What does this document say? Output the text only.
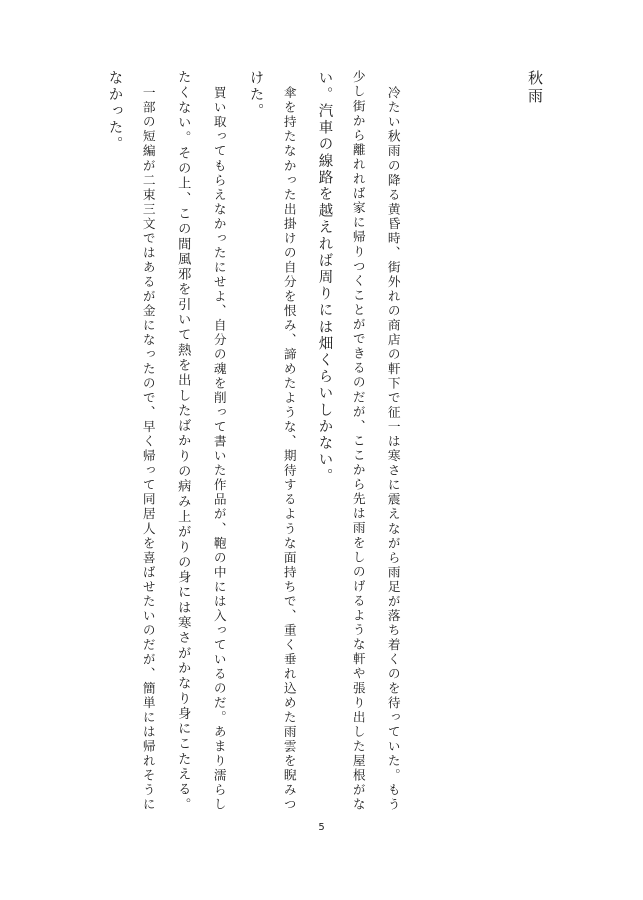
秋雨
冷たい秋雨の降る黄昏時、街外れの商店の軒下で征一は寒さに震えながら雨足が落ち着くのを待っていた。もう
少し街から離れれば家に帰りつくことができるのだが、ここから先は雨をしのげるような軒や張り出した屋根がな
い。汽車の線路を越えれば周りには畑くらいしかない。
傘を持たなかった出掛けの自分を恨み、諦めたような、期待するような面持ちで、重く垂れ込めた雨雲を睨みつ
けた。
買い取ってもらえなかったにせよ、自分の魂を削って書いた作品が、鞄の中には入っているのだ。あまり濡らし
たくない。その上、この間風邪を引いて熱を出したばかりの病み上がりの身には寒さがかなり身にこたえる。
一部の短編が二束三文ではあるが金になったので、早く帰って同居人を喜ばせたいのだが、簡単には帰れそうに
なかった。
5
